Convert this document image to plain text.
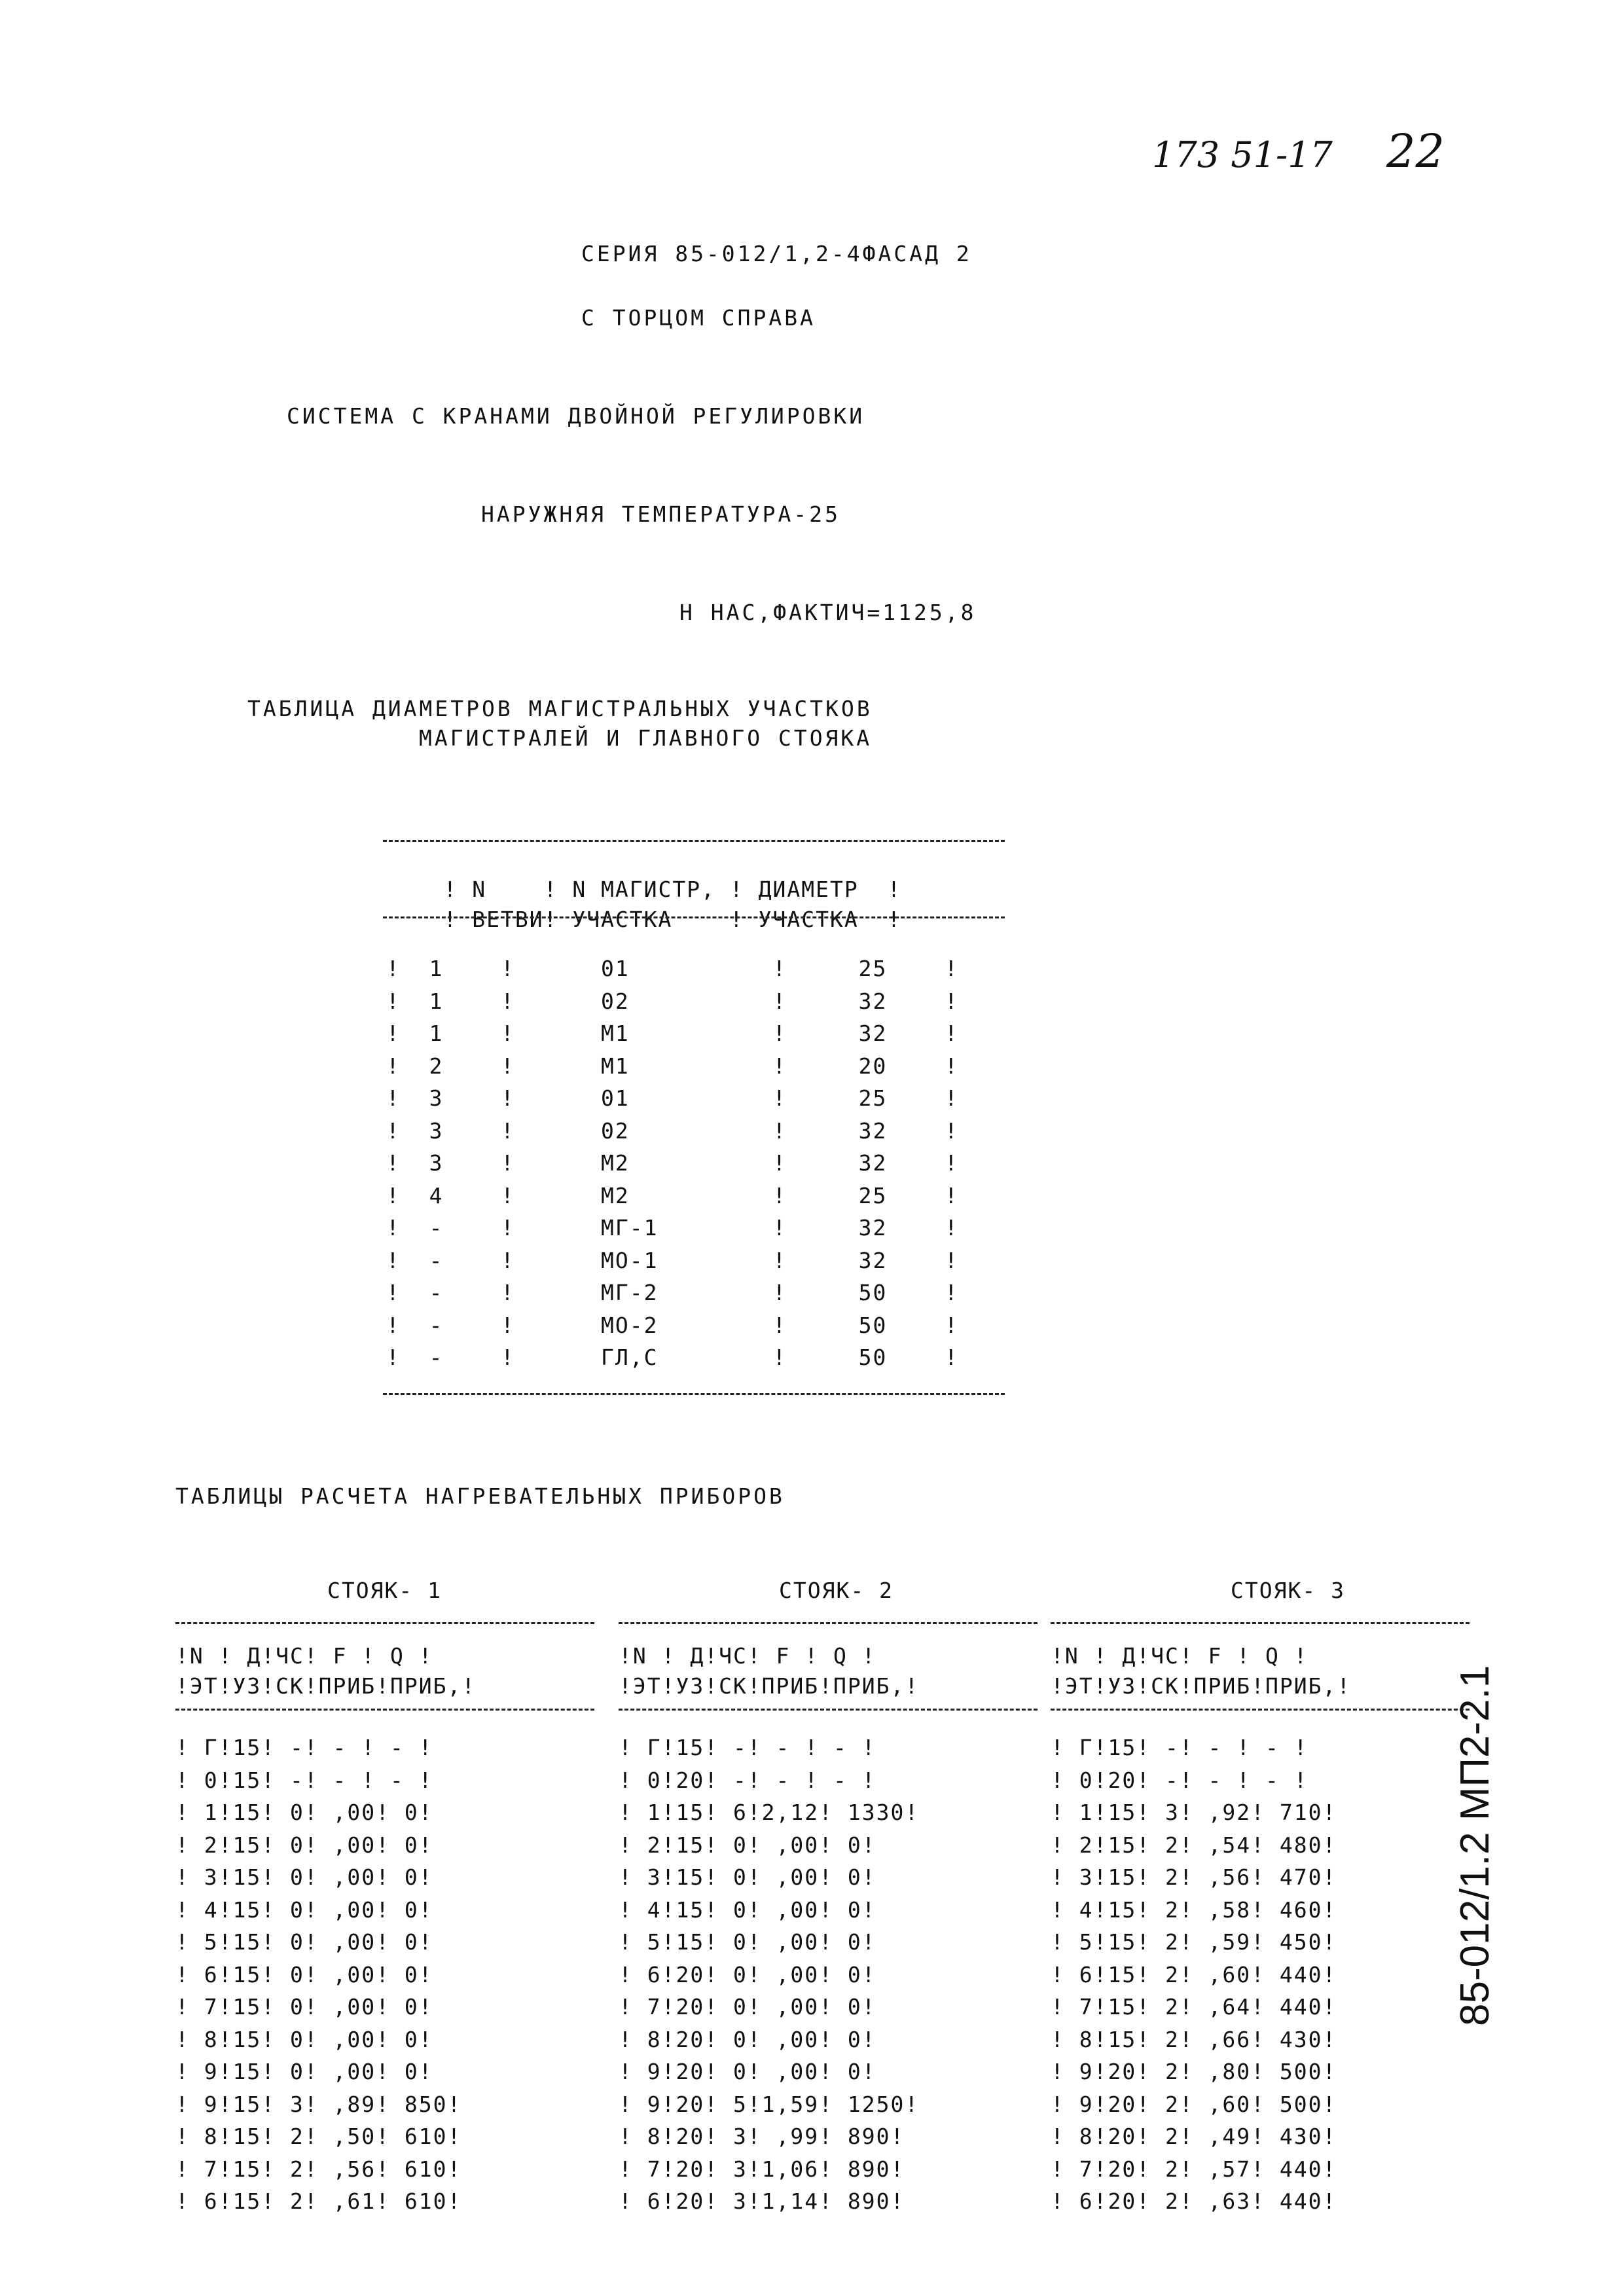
173 51-17 22
СЕРИЯ 85-012/1,2-4ФАСАД 2
С ТОРЦОМ СПРАВА
СИСТЕМА С КРАНАМИ ДВОЙНОЙ РЕГУЛИРОВКИ
НАРУЖНЯЯ ТЕМПЕРАТУРА-25
Н НАС,ФАКТИЧ=1125,8
ТАБЛИЦА ДИАМЕТРОВ МАГИСТРАЛЬНЫХ УЧАСТКОВ
МАГИСТРАЛЕЙ И ГЛАВНОГО СТОЯКА

! N    ! N МАГИСТР, ! ДИАМЕТР  !

! ВЕТВИ! УЧАСТКА    ! УЧАСТКА  !

!  1    !      01          !     25    !
!  1    !      02          !     32    !
!  1    !      М1          !     32    !
!  2    !      М1          !     20    !
!  3    !      01          !     25    !
!  3    !      02          !     32    !
!  3    !      М2          !     32    !
!  4    !      М2          !     25    !
!  -    !      МГ-1        !     32    !
!  -    !      МО-1        !     32    !
!  -    !      МГ-2        !     50    !
!  -    !      МО-2        !     50    !
!  -    !      ГЛ,С        !     50    !
ТАБЛИЦЫ РАСЧЕТА НАГРЕВАТЕЛЬНЫХ ПРИБОРОВ
СТОЯК- 1
!N ! Д!ЧС! F ! Q !
!ЭТ!УЗ!СК!ПРИБ!ПРИБ,!
! Г!15! -! - ! - !
! 0!15! -! - ! - !
! 1!15! 0! ,00! 0!
! 2!15! 0! ,00! 0!
! 3!15! 0! ,00! 0!
! 4!15! 0! ,00! 0!
! 5!15! 0! ,00! 0!
! 6!15! 0! ,00! 0!
! 7!15! 0! ,00! 0!
! 8!15! 0! ,00! 0!
! 9!15! 0! ,00! 0!
! 9!15! 3! ,89! 850!
! 8!15! 2! ,50! 610!
! 7!15! 2! ,56! 610!
! 6!15! 2! ,61! 610!
СТОЯК- 2
!N ! Д!ЧС! F ! Q !
!ЭТ!УЗ!СК!ПРИБ!ПРИБ,!
! Г!15! -! - ! - !
! 0!20! -! - ! - !
! 1!15! 6!2,12! 1330!
! 2!15! 0! ,00! 0!
! 3!15! 0! ,00! 0!
! 4!15! 0! ,00! 0!
! 5!15! 0! ,00! 0!
! 6!20! 0! ,00! 0!
! 7!20! 0! ,00! 0!
! 8!20! 0! ,00! 0!
! 9!20! 0! ,00! 0!
! 9!20! 5!1,59! 1250!
! 8!20! 3! ,99! 890!
! 7!20! 3!1,06! 890!
! 6!20! 3!1,14! 890!
СТОЯК- 3
!N ! Д!ЧС! F ! Q !
!ЭТ!УЗ!СК!ПРИБ!ПРИБ,!
! Г!15! -! - ! - !
! 0!20! -! - ! - !
! 1!15! 3! ,92! 710!
! 2!15! 2! ,54! 480!
! 3!15! 2! ,56! 470!
! 4!15! 2! ,58! 460!
! 5!15! 2! ,59! 450!
! 6!15! 2! ,60! 440!
! 7!15! 2! ,64! 440!
! 8!15! 2! ,66! 430!
! 9!20! 2! ,80! 500!
! 9!20! 2! ,60! 500!
! 8!20! 2! ,49! 430!
! 7!20! 2! ,57! 440!
! 6!20! 2! ,63! 440!
85-012/1.2 МП2-2.1
